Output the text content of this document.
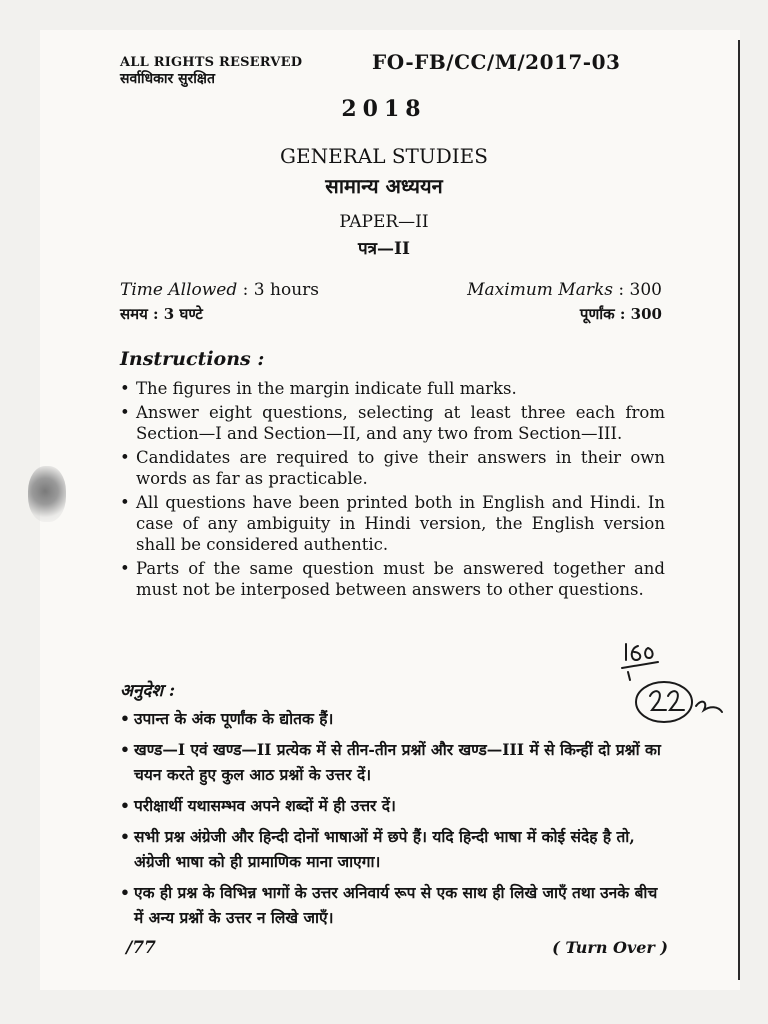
ALL RIGHTS RESERVED
सर्वाधिकार सुरक्षित
FO-FB/CC/M/2017-03
2018
GENERAL STUDIES
सामान्य अध्ययन
PAPER—II
पत्र—II
Time Allowed : 3 hours
समय : 3 घण्टे
Maximum Marks : 300
पूर्णांक : 300
Instructions :
• The figures in the margin indicate full marks.
• Answer eight questions, selecting at least three each from Section—I and Section—II, and any two from Section—III.
• Candidates are required to give their answers in their own words as far as practicable.
• All questions have been printed both in English and Hindi. In case of any ambiguity in Hindi version, the English version shall be considered authentic.
• Parts of the same question must be answered together and must not be interposed between answers to other questions.
अनुदेश :
• उपान्त के अंक पूर्णांक के द्योतक हैं।
• खण्ड—I एवं खण्ड—II प्रत्येक में से तीन-तीन प्रश्नों और खण्ड—III में से किन्हीं दो प्रश्नों का चयन करते हुए कुल आठ प्रश्नों के उत्तर दें।
• परीक्षार्थी यथासम्भव अपने शब्दों में ही उत्तर दें।
• सभी प्रश्न अंग्रेजी और हिन्दी दोनों भाषाओं में छपे हैं। यदि हिन्दी भाषा में कोई संदेह है तो, अंग्रेजी भाषा को ही प्रामाणिक माना जाएगा।
• एक ही प्रश्न के विभिन्न भागों के उत्तर अनिवार्य रूप से एक साथ ही लिखे जाएँ तथा उनके बीच में अन्य प्रश्नों के उत्तर न लिखे जाएँ।
/77	( Turn Over )
